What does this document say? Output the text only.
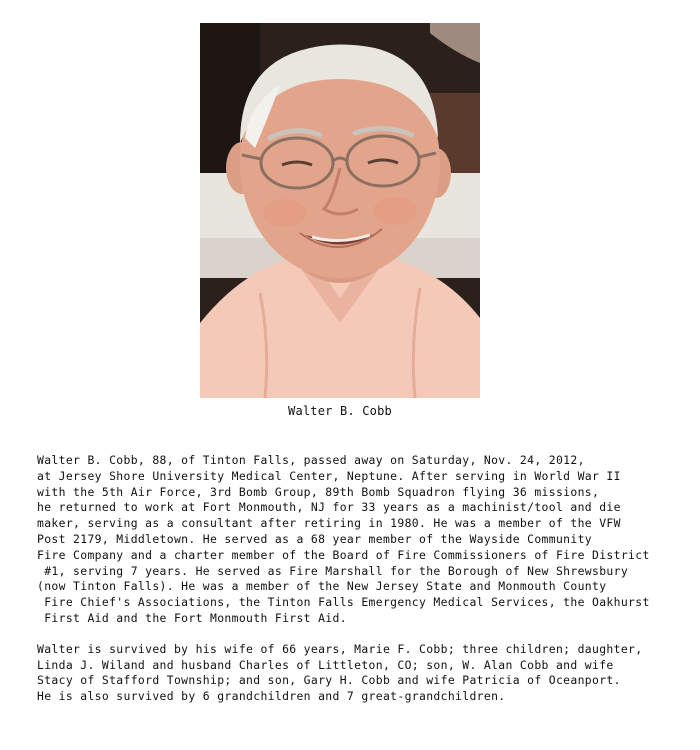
Walter B. Cobb
Walter B. Cobb, 88, of Tinton Falls, passed away on Saturday, Nov. 24, 2012,
at Jersey Shore University Medical Center, Neptune. After serving in World War II
with the 5th Air Force, 3rd Bomb Group, 89th Bomb Squadron flying 36 missions,
he returned to work at Fort Monmouth, NJ for 33 years as a machinist/tool and die
maker, serving as a consultant after retiring in 1980. He was a member of the VFW
Post 2179, Middletown. He served as a 68 year member of the Wayside Community
Fire Company and a charter member of the Board of Fire Commissioners of Fire District
#1, serving 7 years. He served as Fire Marshall for the Borough of New Shrewsbury
(now Tinton Falls). He was a member of the New Jersey State and Monmouth County
Fire Chief's Associations, the Tinton Falls Emergency Medical Services, the Oakhurst
First Aid and the Fort Monmouth First Aid.
Walter is survived by his wife of 66 years, Marie F. Cobb; three children; daughter,
Linda J. Wiland and husband Charles of Littleton, CO; son, W. Alan Cobb and wife
Stacy of Stafford Township; and son, Gary H. Cobb and wife Patricia of Oceanport.
He is also survived by 6 grandchildren and 7 great-grandchildren.
